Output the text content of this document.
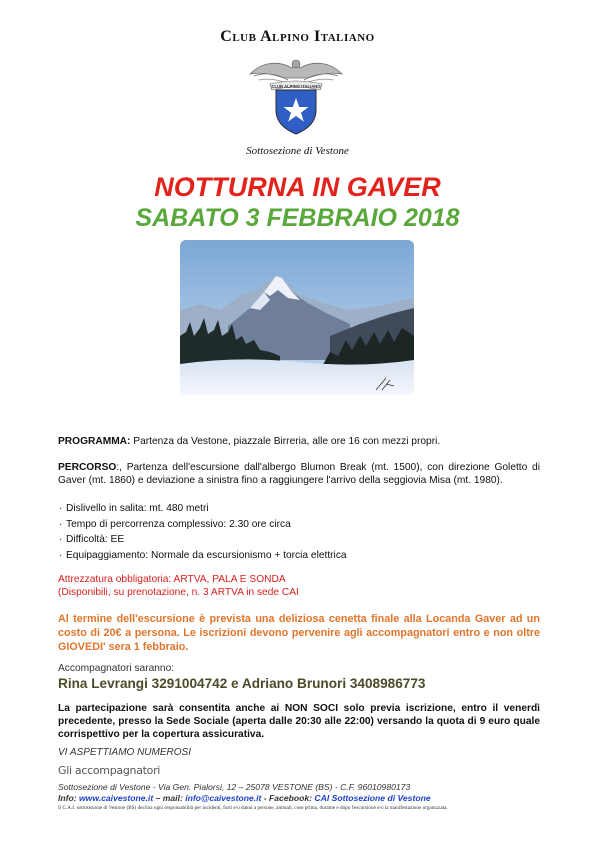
Club Alpino Italiano
CLUB ALPINO ITALIANO
Sottosezione di Vestone
NOTTURNA IN GAVER
SABATO 3 FEBBRAIO 2018
PROGRAMMA: Partenza da Vestone, piazzale Birreria, alle ore 16 con mezzi propri.
PERCORSO:, Partenza dell'escursione dall'albergo Blumon Break (mt. 1500), con direzione Goletto di Gaver (mt. 1860) e deviazione a sinistra fino a raggiungere l'arrivo della seggiovia Misa (mt. 1980).
· Dislivello in salita: mt. 480 metri
· Tempo di percorrenza complessivo: 2.30 ore circa
· Difficoltà: EE
· Equipaggiamento: Normale da escursionismo + torcia elettrica
Attrezzatura obbligatoria: ARTVA, PALA E SONDA
(Disponibili, su prenotazione, n. 3 ARTVA in sede CAI
Al termine dell'escursione è prevista una deliziosa cenetta finale alla Locanda Gaver ad un costo di 20€ a persona. Le iscrizioni devono pervenire agli accompagnatori entro e non oltre GIOVEDI' sera 1 febbraio.
Accompagnatori saranno:
Rina Levrangi 3291004742 e Adriano Brunori 3408986773
La partecipazione sarà consentita anche ai NON SOCI solo previa iscrizione, entro il venerdì precedente, presso la Sede Sociale (aperta dalle 20:30 alle 22:00) versando la quota di 9 euro quale corrispettivo per la copertura assicurativa.
VI ASPETTIAMO NUMEROSI
Gli accompagnatori
Sottosezione di Vestone - Via Gen. Pialorsi, 12 – 25078 VESTONE (BS) - C.F. 96010980173
Info: www.caivestone.it – mail: info@caivestone.it - Facebook: CAI Sottosezione di Vestone
Il C.A.I. sottosezione di Vestone (BS) declina ogni responsabilità per incidenti, furti e/o danni a persone, animali, cose prima, durante e dopo l'escursione e/o la manifestazione organizzata.
